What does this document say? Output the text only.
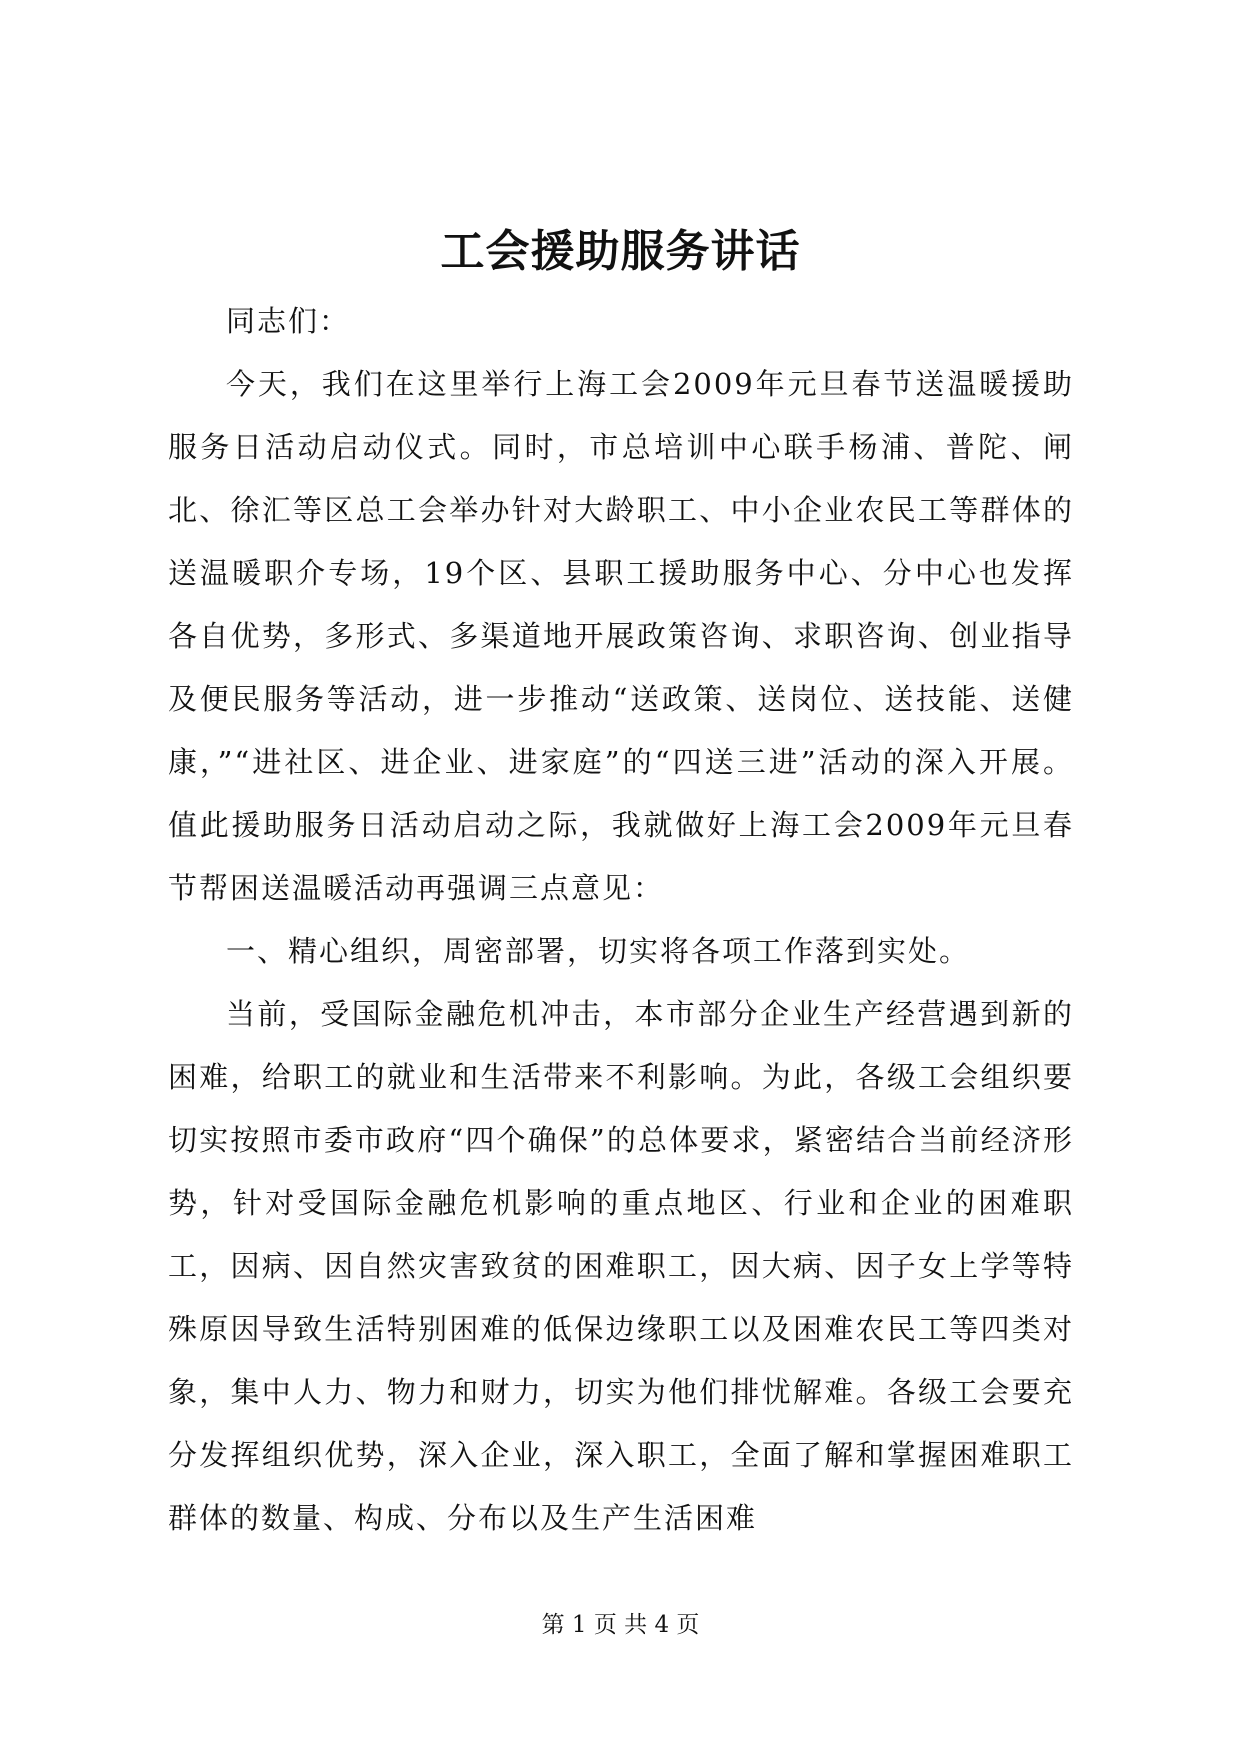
工会援助服务讲话

同志们：

今天，我们在这里举行上海工会2009年元旦春节送温暖援助服务日活动启动仪式。同时，市总培训中心联手杨浦、普陀、闸北、徐汇等区总工会举办针对大龄职工、中小企业农民工等群体的送温暖职介专场，19个区、县职工援助服务中心、分中心也发挥各自优势，多形式、多渠道地开展政策咨询、求职咨询、创业指导及便民服务等活动，进一步推动“送政策、送岗位、送技能、送健康，”“进社区、进企业、进家庭”的“四送三进”活动的深入开展。值此援助服务日活动启动之际，我就做好上海工会2009年元旦春节帮困送温暖活动再强调三点意见：

一、精心组织，周密部署，切实将各项工作落到实处。

当前，受国际金融危机冲击，本市部分企业生产经营遇到新的困难，给职工的就业和生活带来不利影响。为此，各级工会组织要切实按照市委市政府“四个确保”的总体要求，紧密结合当前经济形势，针对受国际金融危机影响的重点地区、行业和企业的困难职工，因病、因自然灾害致贫的困难职工，因大病、因子女上学等特殊原因导致生活特别困难的低保边缘职工以及困难农民工等四类对象，集中人力、物力和财力，切实为他们排忧解难。各级工会要充分发挥组织优势，深入企业，深入职工，全面了解和掌握困难职工群体的数量、构成、分布以及生产生活困难

第 1 页 共 4 页
